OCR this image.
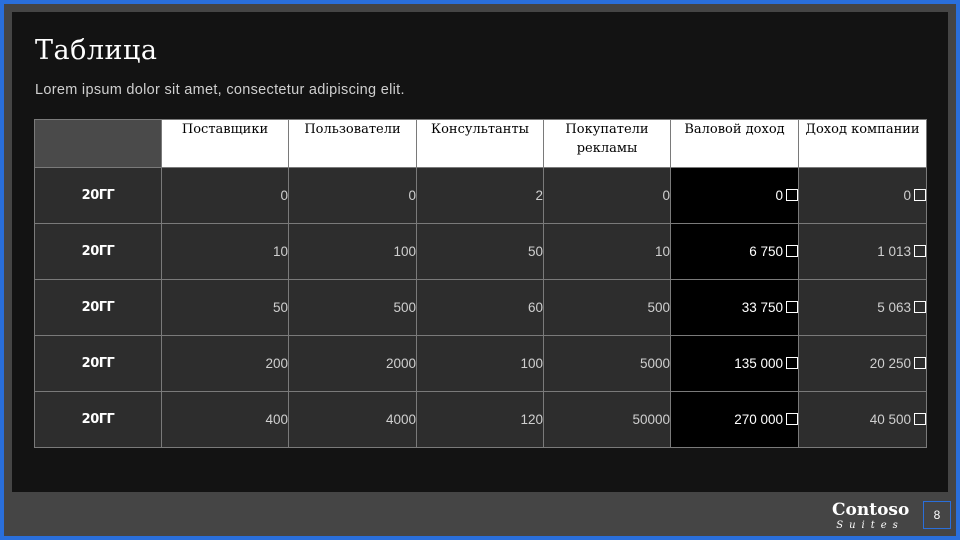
Таблица
Lorem ipsum dolor sit amet, consectetur adipiscing elit.
	Поставщики	Пользователи	Консультанты	Покупатели рекламы	Валовой доход	Доход компании
20ГГ	0	0	2	0	0	0
20ГГ	10	100	50	10	6 750	1 013
20ГГ	50	500	60	500	33 750	5 063
20ГГ	200	2000	100	5000	135 000	20 250
20ГГ	400	4000	120	50000	270 000	40 500
Contoso
Suites
8
